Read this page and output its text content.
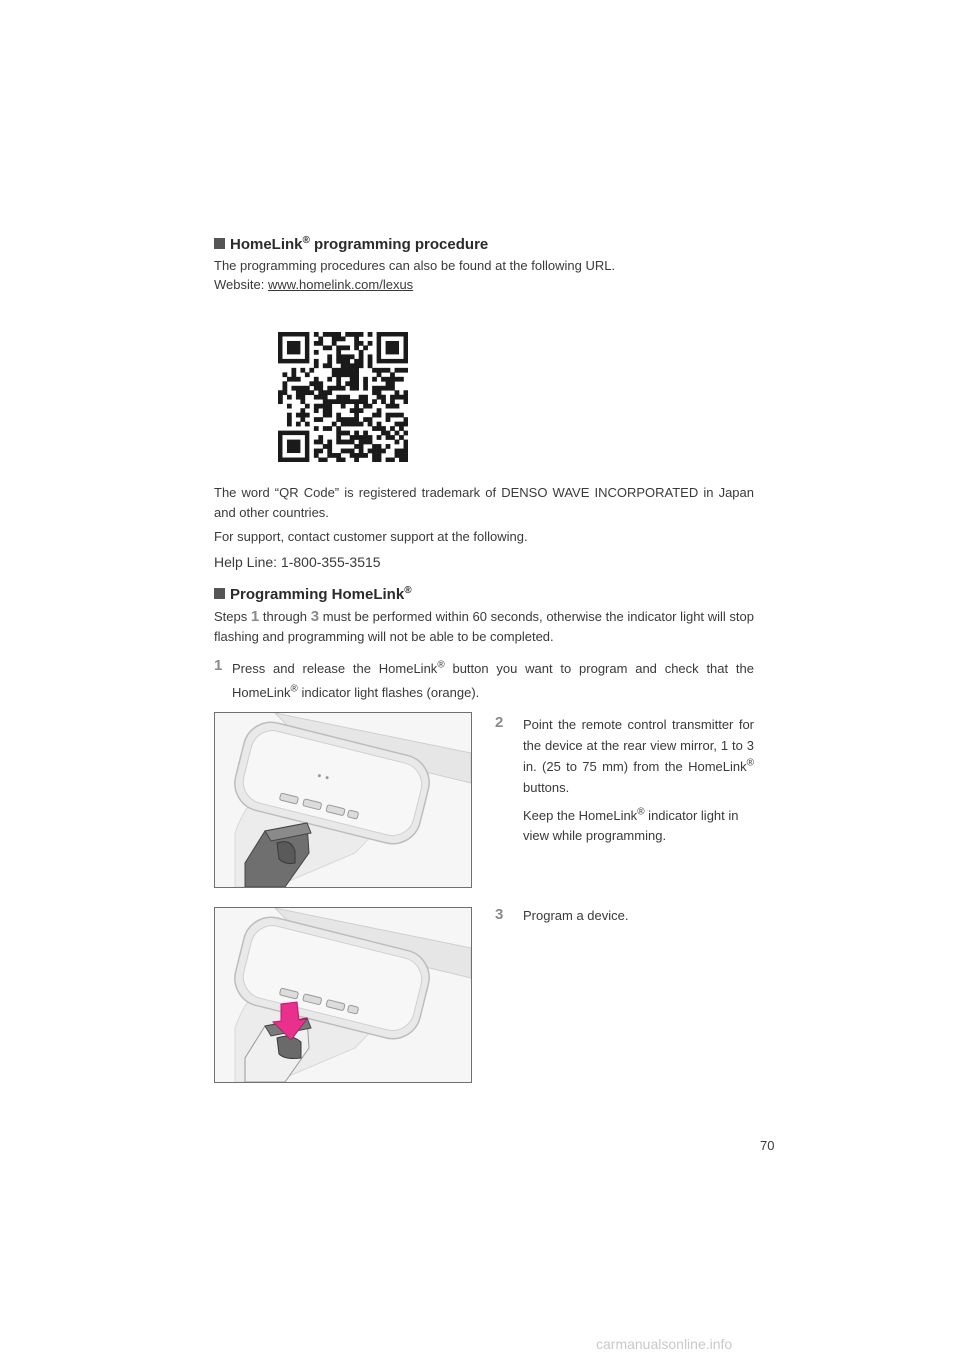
HomeLink® programming procedure
The programming procedures can also be found at the following URL.
Website: www.homelink.com/lexus
The word “QR Code” is registered trademark of DENSO WAVE INCORPORATED in Japan and other countries.
For support, contact customer support at the following.
Help Line: 1-800-355-3515
Programming HomeLink®
Steps 1 through 3 must be performed within 60 seconds, otherwise the indicator light will stop flashing and programming will not be able to be completed.
1 Press and release the HomeLink® button you want to program and check that the HomeLink® indicator light flashes (orange).
2 Point the remote control transmitter for the device at the rear view mirror, 1 to 3 in. (25 to 75 mm) from the HomeLink® buttons.
Keep the HomeLink® indicator light in view while programming.
3 Program a device.
70
carmanualsonline.info
